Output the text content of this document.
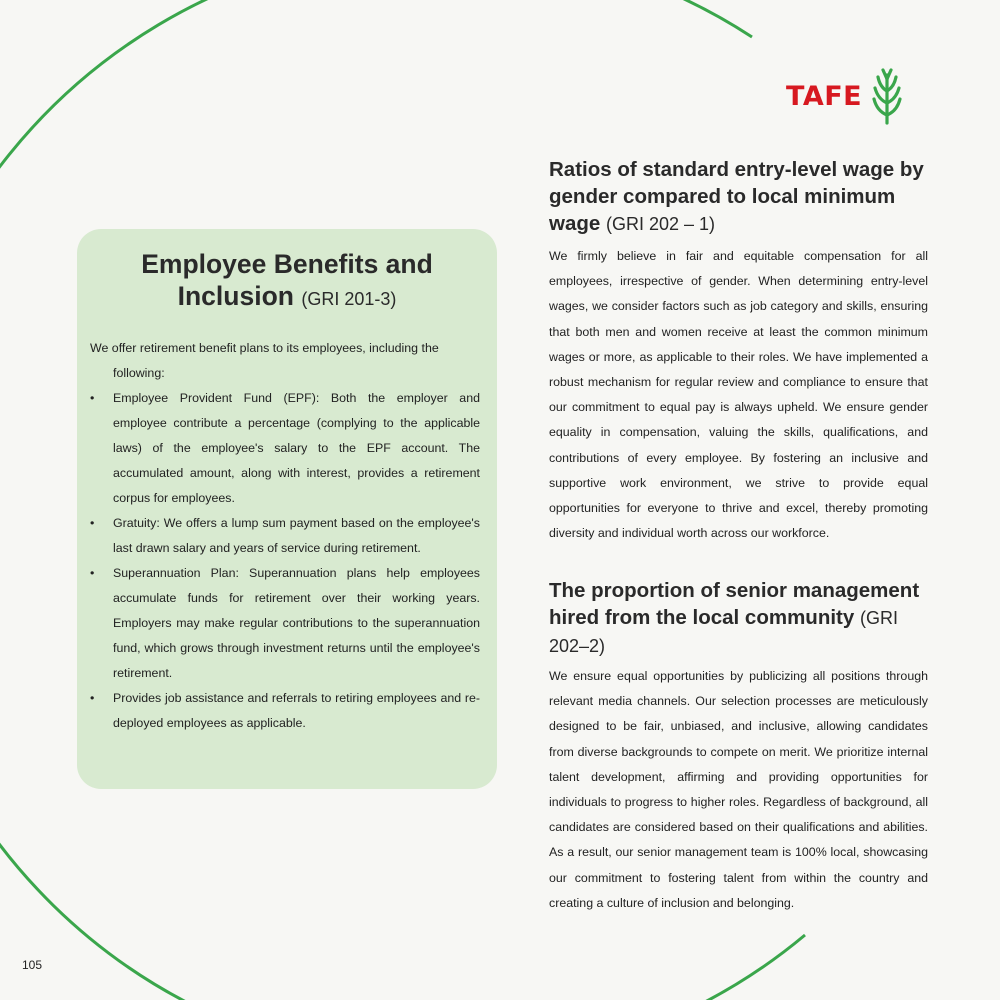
TAFE
Employee Benefits and
Inclusion (GRI 201-3)

We offer retirement benefit plans to its employees, including the

following:

• Employee Provident Fund (EPF): Both the employer and employee contribute a percentage (complying to the applicable laws) of the employee's salary to the EPF account. The accumulated amount, along with interest, provides a retirement corpus for employees.
• Gratuity: We offers a lump sum payment based on the employee's last drawn salary and years of service during retirement.
• Superannuation Plan: Superannuation plans help employees accumulate funds for retirement over their working years. Employers may make regular contributions to the superannuation fund, which grows through investment returns until the employee's retirement.
• Provides job assistance and referrals to retiring employees and re-deployed employees as applicable.
Ratios of standard entry-level wage by gender compared to local minimum wage (GRI 202 – 1)

We firmly believe in fair and equitable compensation for all employees, irrespective of gender. When determining entry-level wages, we consider factors such as job category and skills, ensuring that both men and women receive at least the common minimum wages or more, as applicable to their roles. We have implemented a robust mechanism for regular review and compliance to ensure that our commitment to equal pay is always upheld. We ensure gender equality in compensation, valuing the skills, qualifications, and contributions of every employee. By fostering an inclusive and supportive work environment, we strive to provide equal opportunities for everyone to thrive and excel, thereby promoting diversity and individual worth across our workforce.

The proportion of senior management hired from the local community (GRI 202–2)

We ensure equal opportunities by publicizing all positions through relevant media channels. Our selection processes are meticulously designed to be fair, unbiased, and inclusive, allowing candidates from diverse backgrounds to compete on merit. We prioritize internal talent development, affirming and providing opportunities for individuals to progress to higher roles. Regardless of background, all candidates are considered based on their qualifications and abilities. As a result, our senior management team is 100% local, showcasing our commitment to fostering talent from within the country and creating a culture of inclusion and belonging.

105
